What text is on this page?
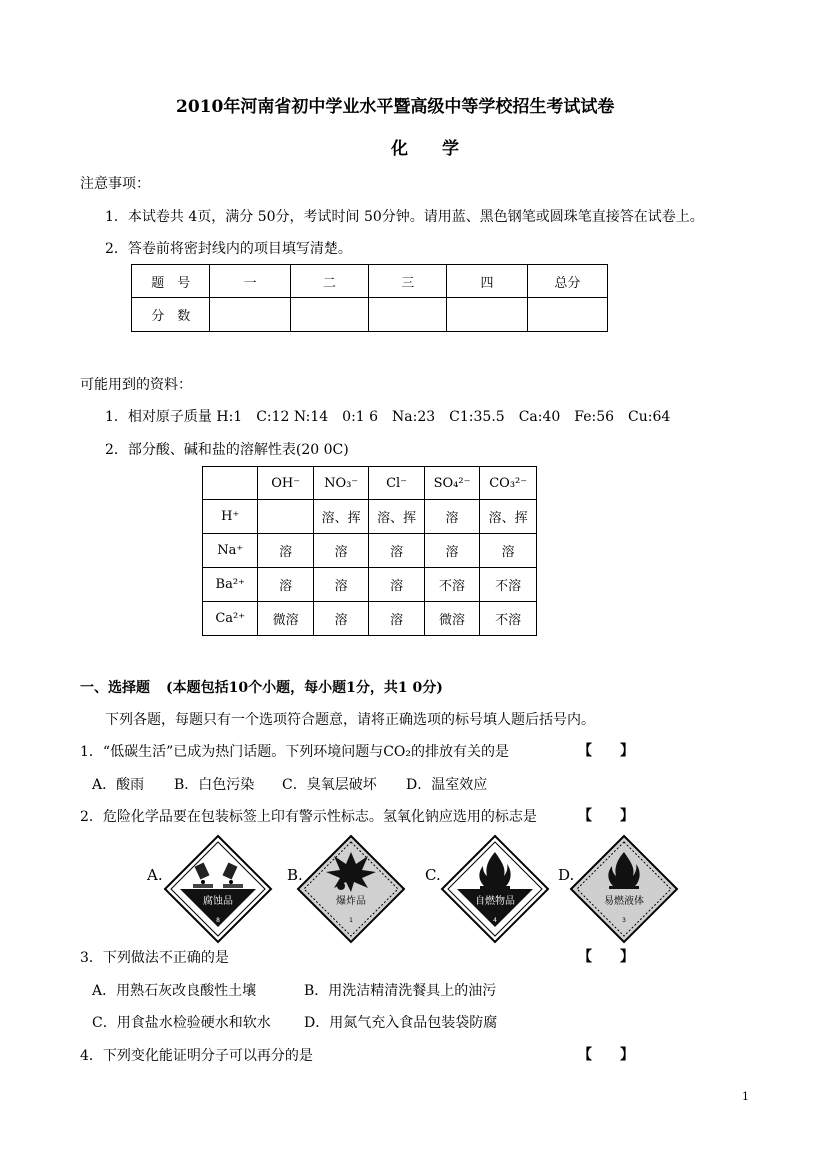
2010年河南省初中学业水平暨高级中等学校招生考试试卷
化　　学
注意事项：
1．本试卷共 4页，满分 50分，考试时间 50分钟。请用蓝、黑色钢笔或圆珠笔直接答在试卷上。
2．答卷前将密封线内的项目填写清楚。
题　号	一	二	三	四	总分
分　数					
可能用到的资料：
1．相对原子质量 H:1　C:12 N:14　0:1 6　Na:23　C1:35.5　Ca:40　Fe:56　Cu:64
2．部分酸、碱和盐的溶解性表(20 0C)
	OH⁻	NO₃⁻	Cl⁻	SO₄²⁻	CO₃²⁻
H⁺		溶、挥	溶、挥	溶	溶、挥
Na⁺	溶	溶	溶	溶	溶
Ba²⁺	溶	溶	溶	不溶	不溶
Ca²⁺	微溶	溶	溶	微溶	不溶
一、选择题 (本题包括10个小题，每小题1分，共1 0分)
下列各题，每题只有一个选项符合题意，请将正确选项的标号填人题后括号内。
1．“低碳生活”已成为热门话题。下列环境问题与CO₂的排放有关的是	【　　】
A．酸雨 B．白色污染 C．臭氧层破坏 D．温室效应
2．危险化学品要在包装标签上印有警示性标志。氢氧化钠应选用的标志是	【　　】
A.
腐蚀品
8
B.
爆炸品
1
C.
自燃物品
4
D.
易燃液体
3
3．下列做法不正确的是	【　　】
A．用熟石灰改良酸性土壤	B．用洗洁精清洗餐具上的油污
C．用食盐水检验硬水和软水 D．用氮气充入食品包装袋防腐
4．下列变化能证明分子可以再分的是	【　　】
1
